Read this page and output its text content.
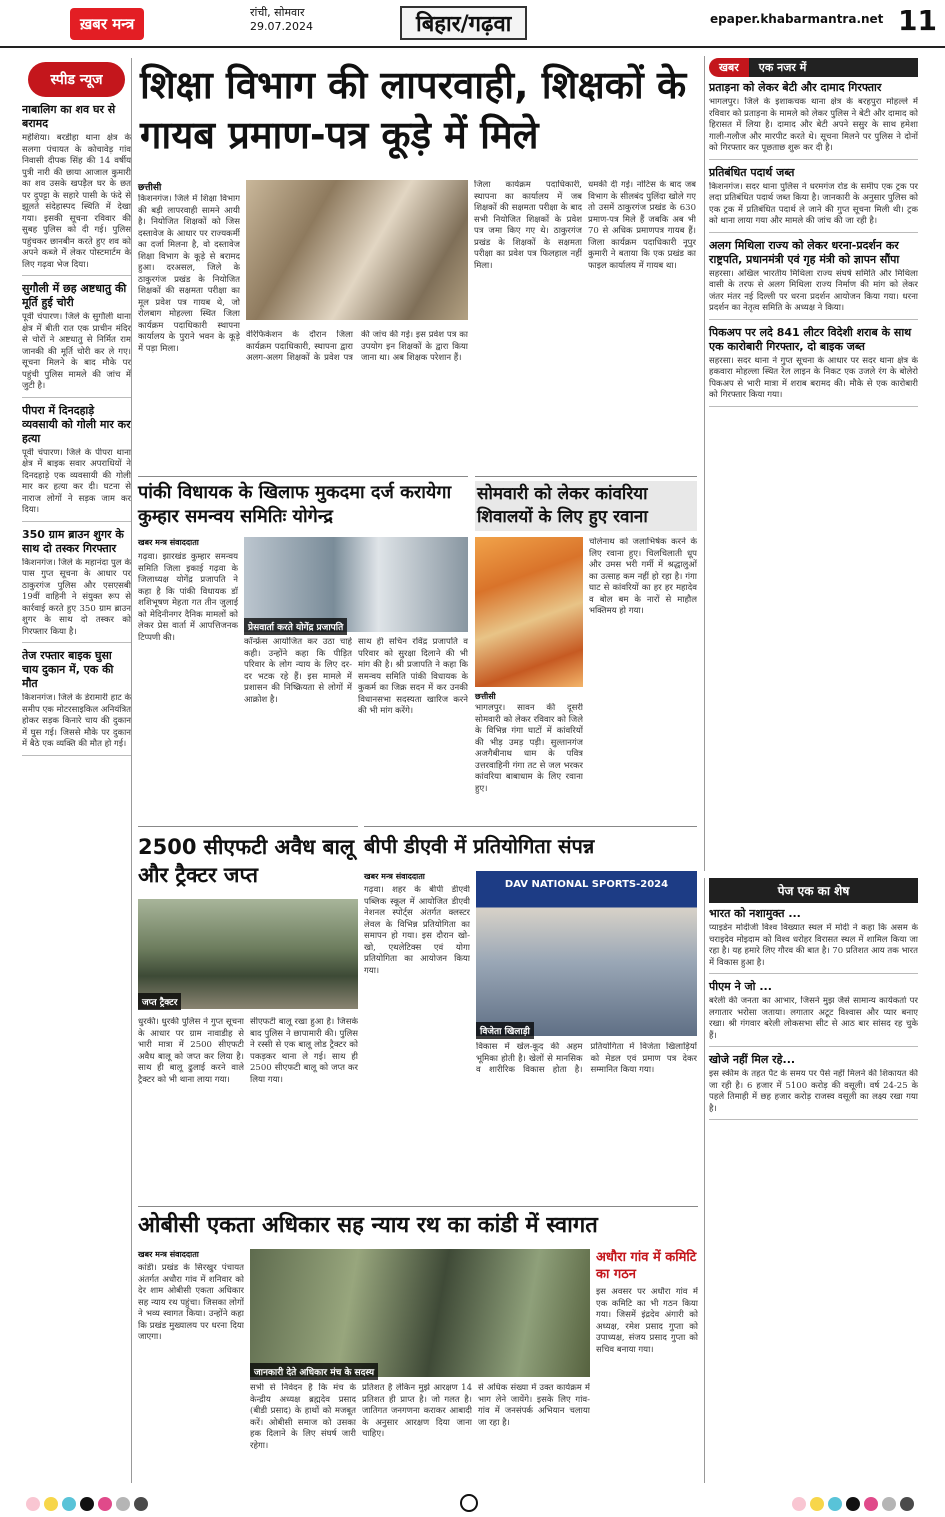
ख़बर मन्त्र
रांची, सोमवार
29.07.2024	बिहार/गढ़वा	epaper.khabarmantra.net 11
स्पीड न्यूज
नाबालिग का शव घर से बरामद
महेशिया। बरडीहा थाना क्षेत्र के सलगा पंचायत के कोचावेड़ गांव निवासी दीपक सिंह की 14 वर्षीय पुत्री नारी की छाया आजाल कुमारी का शव उसके खपड़ैल घर के छत पर दुपट्टा के सहारे पासी के फंदे से झूलते संदेहास्पद स्थिति में देखा गया। इसकी सूचना रविवार की सुबह पुलिस को दी गई। पुलिस पहुंचकर छानबीन करते हुए शव को अपने कब्जे में लेकर पोस्टमार्टम के लिए गढ़वा भेज दिया।
सुगौली में छह अष्टधातु की मूर्ति हुई चोरी
पूर्वी चंपारण। जिले के सुगौली थाना क्षेत्र में बीती रात एक प्राचीन मंदिर से चोरों ने अष्टधातु से निर्मित राम जानकी की मूर्ति चोरी कर ले गए। सूचना मिलने के बाद मौके पर पहुंची पुलिस मामले की जांच में जुटी है।
पीपरा में दिनदहाड़े व्यवसायी को गोली मार कर हत्या
पूर्वी चंपारण। जिले के पीपरा थाना क्षेत्र में बाइक सवार अपराधियों ने दिनदहाड़े एक व्यवसायी की गोली मार कर हत्या कर दी। घटना से नाराज लोगों ने सड़क जाम कर दिया।
350 ग्राम ब्राउन शुगर के साथ दो तस्कर गिरफ्तार
किशनगंज। जिले के महानंदा पुल के पास गुप्त सूचना के आधार पर ठाकुरगंज पुलिस और एसएसबी 19वीं वाहिनी ने संयुक्त रूप से कार्रवाई करते हुए 350 ग्राम ब्राउन शुगर के साथ दो तस्कर को गिरफ्तार किया है।
तेज रफ्तार बाइक घुसा चाय दुकान में, एक की मौत
किशनगंज। जिले के डेरामारी हाट के समीप एक मोटरसाइकिल अनियंत्रित होकर सड़क किनारे चाय की दुकान में घुस गई। जिससे मौके पर दुकान में बैठे एक व्यक्ति की मौत हो गई।
शिक्षा विभाग की लापरवाही, शिक्षकों के गायब प्रमाण-पत्र कूड़े में मिले
छत्तीसी
किशनगंज। जिले में शिक्षा विभाग की बड़ी लापरवाही सामने आयी है। नियोजित शिक्षकों को जिस दस्तावेज के आधार पर राज्यकर्मी का दर्जा मिलना है, वो दस्तावेज शिक्षा विभाग के कूड़े से बरामद हुआ। दरअसल, जिले के ठाकुरगंज प्रखंड के नियोजित शिक्षकों की सक्षमता परीक्षा का मूल प्रवेश पत्र गायब थे, जो रोलबाग मोहल्ला स्थित जिला कार्यक्रम पदाधिकारी स्थापना कार्यालय के पुराने भवन के कूड़े में पड़ा मिला।
वेरिफिकेशन के दौरान जिला कार्यक्रम पदाधिकारी, स्थापना द्वारा अलग-अलग शिक्षकों के प्रवेश पत्र की जांच की गई। इस प्रवेश पत्र का उपयोग इन शिक्षकों के द्वारा किया जाना था। अब शिक्षक परेशान हैं।
जिला कार्यक्रम पदाधिकारी, स्थापना का कार्यालय में जब शिक्षकों की सक्षमता परीक्षा के बाद सभी नियोजित शिक्षकों के प्रवेश पत्र जमा किए गए थे। ठाकुरगंज प्रखंड के शिक्षकों के सक्षमता परीक्षा का प्रवेश पत्र फिलहाल नहीं मिला।
धमकी दी गई। नोटिस के बाद जब विभाग के सीलबंद पुलिंदा खोले गए तो उसमें ठाकुरगंज प्रखंड के 630 प्रमाण-पत्र मिले हैं जबकि अब भी 70 से अधिक प्रमाणपत्र गायब हैं। जिला कार्यक्रम पदाधिकारी नूपुर कुमारी ने बताया कि एक प्रखंड का फाइल कार्यालय में गायब था।
पांकी विधायक के खिलाफ मुकदमा दर्ज करायेगा कुम्हार समन्वय समितिः योगेन्द्र
खबर मन्त्र संवाददाता
गढ़वा। झारखंड कुम्हार समन्वय समिति जिला इकाई गढ़वा के जिलाध्यक्ष योगेंद्र प्रजापति ने कहा है कि पांकी विधायक डॉ शशिभूषण मेहता गत तीन जुलाई को मेदिनीनगर दैनिक मामलों को लेकर प्रेस वार्ता में आपत्तिजनक टिप्पणी की।
प्रेसवार्ता करते योगेंद्र प्रजापति
कॉन्फ्रेंस आयोजित कर उठा चाहे कही। उन्होंने कहा कि पीड़ित परिवार के लोग न्याय के लिए दर-दर भटक रहे हैं। इस मामले में प्रशासन की निष्क्रियता से लोगों में आक्रोश है।
साथ ही सचिन रविंद्र प्रजापति व परिवार को सुरक्षा दिलाने की भी मांग की है। श्री प्रजापति ने कहा कि समन्वय समिति पांकी विधायक के कुकर्म का जिक्र सदन में कर उनकी विधानसभा सदस्यता खारिज करने की भी मांग करेंगे।
सोमवारी को लेकर कांवरिया शिवालयों के लिए हुए रवाना
छत्तीसी
भागलपुर। सावन की दूसरी सोमवारी को लेकर रविवार को जिले के विभिन्न गंगा घाटों में कांवरियों की भीड़ उमड़ पड़ी। सुल्तानगंज अजगैबीनाथ धाम के पवित्र उत्तरवाहिनी गंगा तट से जल भरकर कांवरिया बाबाधाम के लिए रवाना हुए।
चोलेनाथ को जलाभिषेक करने के लिए रवाना हुए। चिलचिलाती धूप और उमस भरी गर्मी में श्रद्धालुओं का उत्साह कम नहीं हो रहा है। गंगा घाट से कांवरियों का हर हर महादेव व बोल बम के नारों से माहौल भक्तिमय हो गया।
2500 सीएफटी अवैध बालू और ट्रैक्टर जप्त
जप्त ट्रैक्टर
धुरकी। धुरकी पुलिस ने गुप्त सूचना के आधार पर ग्राम नावाडीह से भारी मात्रा में 2500 सीएफटी अवैध बालू को जप्त कर लिया है। साथ ही बालू ढुलाई करने वाले ट्रैक्टर को भी थाना लाया गया।
सीएफटी बालू रखा हुआ है। जिसके बाद पुलिस ने छापामारी की। पुलिस ने रस्सी से एक बालू लोड ट्रैक्टर को पकड़कर थाना ले गई। साथ ही 2500 सीएफटी बालू को जप्त कर लिया गया।
बीपी डीएवी में प्रतियोगिता संपन्न
खबर मन्त्र संवाददाता
गढ़वा। शहर के बीपी डीएवी पब्लिक स्कूल में आयोजित डीएवी नेशनल स्पोर्ट्स अंतर्गत क्लस्टर लेवल के विभिन्न प्रतियोगिता का समापन हो गया। इस दौरान खो-खो, एथलेटिक्स एवं योगा प्रतियोगिता का आयोजन किया गया।
DAV NATIONAL SPORTS-2024
विजेता खिलाड़ी
विकास में खेल-कूद की अहम भूमिका होती है। खेलों से मानसिक व शारीरिक विकास होता है। प्रतियोगिता में विजेता खिलाड़ियों को मेडल एवं प्रमाण पत्र देकर सम्मानित किया गया।
ओबीसी एकता अधिकार सह न्याय रथ का कांडी में स्वागत
खबर मन्त्र संवाददाता
कांडी। प्रखंड के सिरखुर पंचायत अंतर्गत अधौरा गांव में शनिवार को देर शाम ओबीसी एकता अधिकार सह न्याय रथ पहुंचा। जिसका लोगों ने भव्य स्वागत किया। उन्होंने कहा कि प्रखंड मुख्यालय पर धरना दिया जाएगा।
जानकारी देते अधिकार मंच के सदस्य
सभी से निवेदन है कि मंच के केन्द्रीय अध्यक्ष ब्रह्मदेव प्रसाद (बीडी प्रसाद) के हाथों को मजबूत करें। ओबीसी समाज को उसका हक दिलाने के लिए संघर्ष जारी रहेगा।
प्रतिशत है लेकिन मुझे आरक्षण 14 प्रतिशत ही प्राप्त है। जो गलत है। जातिगत जनगणना कराकर आबादी के अनुसार आरक्षण दिया जाना चाहिए।
से अधिक संख्या में उक्त कार्यक्रम में भाग लेने जायेंगे। इसके लिए गांव-गांव में जनसंपर्क अभियान चलाया जा रहा है।
अधौरा गांव में कमिटि का गठन
इस अवसर पर अधौरा गांव में एक कमिटि का भी गठन किया गया। जिसमें इंद्रदेव अंगारी को अध्यक्ष, रमेश प्रसाद गुप्ता को उपाध्यक्ष, संजय प्रसाद गुप्ता को सचिव बनाया गया।
खबर	एक नजर में
प्रताड़ना को लेकर बेटी और दामाद गिरफ्तार
भागलपुर। जिले के इशाकचक थाना क्षेत्र के बरहपुरा मोहल्ले में रविवार को प्रताड़ना के मामले को लेकर पुलिस ने बेटी और दामाद को हिरासत में लिया है। दामाद और बेटी अपने ससुर के साथ हमेशा गाली-गलौज और मारपीट करते थे। सूचना मिलने पर पुलिस ने दोनों को गिरफ्तार कर पूछताछ शुरू कर दी है।
प्रतिबंधित पदार्थ जब्त
किशनगंज। सदर थाना पुलिस ने धरमगंज रोड के समीप एक ट्रक पर लदा प्रतिबंधित पदार्थ जब्त किया है। जानकारी के अनुसार पुलिस को एक ट्रक में प्रतिबंधित पदार्थ ले जाने की गुप्त सूचना मिली थी। ट्रक को थाना लाया गया और मामले की जांच की जा रही है।
अलग मिथिला राज्य को लेकर धरना-प्रदर्शन कर राष्ट्रपति, प्रधानमंत्री एवं गृह मंत्री को ज्ञापन सौंपा
सहरसा। अखिल भारतीय मिथिला राज्य संघर्ष समिति और मिथिला वासी के तरफ से अलग मिथिला राज्य निर्माण की मांग को लेकर जंतर मंतर नई दिल्ली पर धरना प्रदर्शन आयोजन किया गया। धरना प्रदर्शन का नेतृत्व समिति के अध्यक्ष ने किया।
पिकअप पर लदे 841 लीटर विदेशी शराब के साथ एक कारोबारी गिरफ्तार, दो बाइक जब्त
सहरसा। सदर थाना ने गुप्त सूचना के आधार पर सदर थाना क्षेत्र के हकवारा मोहल्ला स्थित रेल लाइन के निकट एक उजले रंग के बोलेरो पिकअप से भारी मात्रा में शराब बरामद की। मौके से एक कारोबारी को गिरफ्तार किया गया।
पेज एक का शेष
भारत को नशामुक्त ...
प्याइडेन मोदीजी विश्व विख्यात स्थल में मोदी ने कहा कि असम के चराइदेव मोइदाम को विश्व धरोहर विरासत स्थल में शामिल किया जा रहा है। यह हमारे लिए गौरव की बात है। 70 प्रतिशत आय तक भारत में विकास हुआ है।
पीएम ने जो ...
बरेली की जनता का आभार, जिसने मुझ जैसे सामान्य कार्यकर्ता पर लगातार भरोसा जताया। लगातार अटूट विश्वास और प्यार बनाए रखा। श्री गंगवार बरेली लोकसभा सीट से आठ बार सांसद रह चुके हैं।
खोजे नहीं मिल रहे...
इस स्कीम के तहत पैट के समय पर पैसे नहीं मिलने की शिकायत की जा रही है। 6 हजार में 5100 करोड़ की वसूली। वर्ष 24-25 के पहले तिमाही में छह हजार करोड़ राजस्व वसूली का लक्ष्य रखा गया है।
